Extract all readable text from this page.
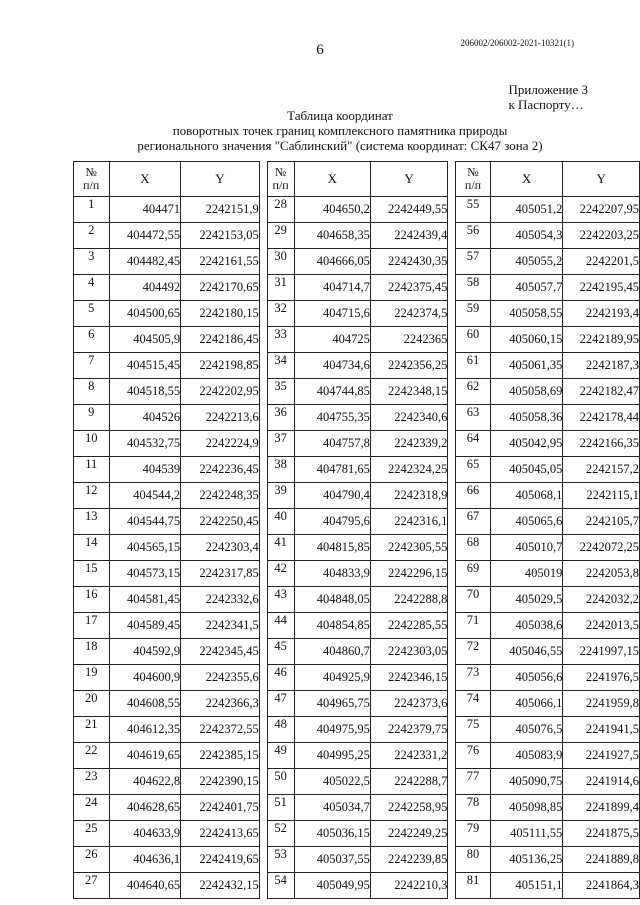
6	206002/206002-2021-10321(1)
Приложение 3
к Паспорту…
Таблица координат
поворотных точек границ комплексного памятника природы
регионального значения "Саблинский" (система координат: СК47 зона 2)
№
п/п	X	Y
1	404471	2242151,9
2	404472,55	2242153,05
3	404482,45	2242161,55
4	404492	2242170,65
5	404500,65	2242180,15
6	404505,9	2242186,45
7	404515,45	2242198,85
8	404518,55	2242202,95
9	404526	2242213,6
10	404532,75	2242224,9
11	404539	2242236,45
12	404544,2	2242248,35
13	404544,75	2242250,45
14	404565,15	2242303,4
15	404573,15	2242317,85
16	404581,45	2242332,6
17	404589,45	2242341,5
18	404592,9	2242345,45
19	404600,9	2242355,6
20	404608,55	2242366,3
21	404612,35	2242372,55
22	404619,65	2242385,15
23	404622,8	2242390,15
24	404628,65	2242401,75
25	404633,9	2242413,65
26	404636,1	2242419,65
27	404640,65	2242432,15
№
п/п	X	Y
28	404650,2	2242449,55
29	404658,35	2242439,4
30	404666,05	2242430,35
31	404714,7	2242375,45
32	404715,6	2242374,5
33	404725	2242365
34	404734,6	2242356,25
35	404744,85	2242348,15
36	404755,35	2242340,6
37	404757,8	2242339,2
38	404781,65	2242324,25
39	404790,4	2242318,9
40	404795,6	2242316,1
41	404815,85	2242305,55
42	404833,9	2242296,15
43	404848,05	2242288,8
44	404854,85	2242285,55
45	404860,7	2242303,05
46	404925,9	2242346,15
47	404965,75	2242373,6
48	404975,95	2242379,75
49	404995,25	2242331,2
50	405022,5	2242288,7
51	405034,7	2242258,95
52	405036,15	2242249,25
53	405037,55	2242239,85
54	405049,95	2242210,3
№
п/п	X	Y
55	405051,2	2242207,95
56	405054,3	2242203,25
57	405055,2	2242201,5
58	405057,7	2242195,45
59	405058,55	2242193,4
60	405060,15	2242189,95
61	405061,35	2242187,3
62	405058,69	2242182,47
63	405058,36	2242178,44
64	405042,95	2242166,35
65	405045,05	2242157,2
66	405068,1	2242115,1
67	405065,6	2242105,7
68	405010,7	2242072,25
69	405019	2242053,8
70	405029,5	2242032,2
71	405038,6	2242013,5
72	405046,55	2241997,15
73	405056,6	2241976,5
74	405066,1	2241959,8
75	405076,5	2241941,5
76	405083,9	2241927,5
77	405090,75	2241914,6
78	405098,85	2241899,4
79	405111,55	2241875,5
80	405136,25	2241889,8
81	405151,1	2241864,3
